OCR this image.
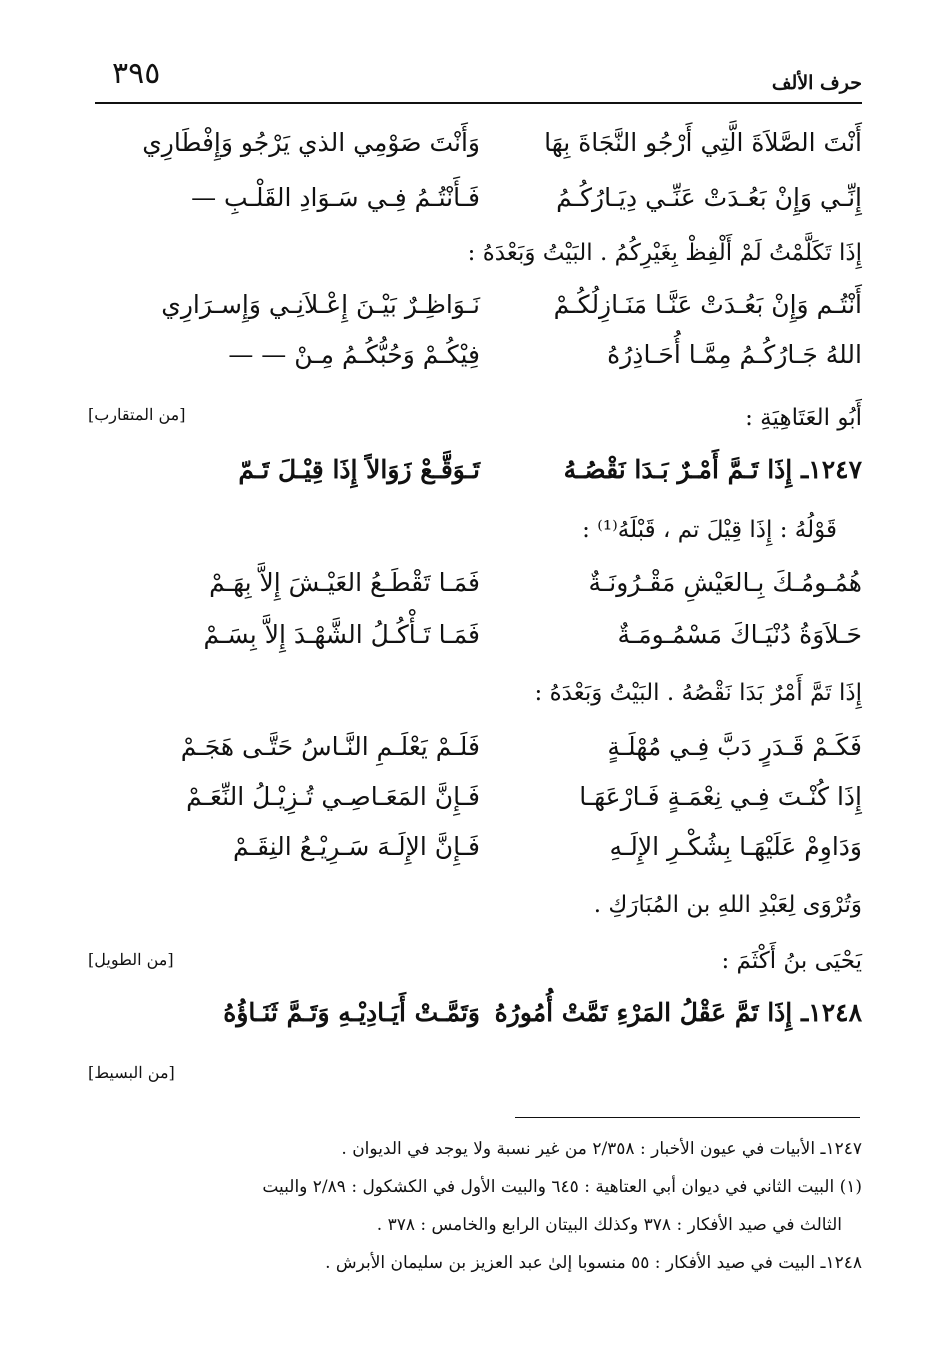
حرف الألف
٣٩٥
أَنْتَ الصَّلاَةَ الَّتِي أَرْجُو النَّجَاةَ بِهَا
وَأَنْتَ صَوْمِي الذي يَرْجُو وَإِفْطَارِي
إِنِّـي وَإِنْ بَعُـدَتْ عَنِّـي دِيَـارُكُـمُ
فَـأَنْتُـمُ فِـي سَـوَادِ القَلْـبِ —
إِذَا تَكَلَّمْتُ لَمْ أَلْفِظْ بِغَيْرِكُمُ . البَيْتُ وَبَعْدَهُ :
أَنْتُـم وَإِنْ بَعُـدَتْ عَنَّـا مَنَـازِلُكُـمْ
نَـوَاظِـرٌ بَيْـنَ إِعْـلاَنِـي وَإِسـرَارِي
اللهُ جَـارُكُـمُ مِمَّـا أُحَـاذِرُهُ
فِيْكُـمْ وَحُبُّكُـمُ مِـنْ — —
أَبُو العَتَاهِيَةِ :
[من المتقارب]
١٢٤٧ـ إِذَا تَـمَّ أَمْـرٌ بَـدَا نَقْصُـهُ
تَـوَقَّـعْ زَوَالاً إِذَا قِيْـلَ تَـمّ
قَوْلُهُ : إِذَا قِيْلَ تم ، قَبْلَهُ⁽¹⁾ :
هُمُـومُـكَ بِـالعَيْشِ مَقْـرُونَـةٌ
فَمَـا تَقْطَـعُ العَيْـشَ إِلاَّ بِهَـمْ
حَـلاَوَةُ دُنْيَـاكَ مَسْمُـومَـةٌ
فَمَـا تَـأْكُـلُ الشَّهْـدَ إِلاَّ بِسَـمْ
إِذَا تَمَّ أَمْرٌ بَدَا نَقْصُهُ . البَيْتُ وَبَعْدَهُ :
فَكَـمْ قَـدَرٍ دَبَّ فِـي مُهْلَـةٍ
فَلَـمْ يَعْلَـمِ النَّـاسُ حَتَّـى هَجَـمْ
إِذَا كُنْـتَ فِـي نِعْمَـةٍ فَـارْعَهَـا
فَـإِنَّ المَعَـاصِـي تُـزِيْـلُ النِّعَـمْ
وَدَاوِمْ عَلَيْهَـا بِشُكْـرِ الإِلَـهِ
فَـإِنَّ الإِلَـهَ سَـرِيْـعُ النِقَـمْ
وَتُرْوَى لِعَبْدِ اللهِ بن المُبَارَكِ .
يَحْيَى بنُ أَكْثَمَ :
[من الطويل]
١٢٤٨ـ إِذَا تَمَّ عَقْلُ المَرْءِ تَمَّتْ أُمُورُهُ
وَتَمَّـتْ أَيَـادِيْـهِ وَتَـمَّ ثَنَـاؤُهُ
[من البسيط]
١٢٤٧ـ الأبيات في عيون الأخبار : ٢/٣٥٨ من غير نسبة ولا يوجد في الديوان .
(١) البيت الثاني في ديوان أبي العتاهية : ٦٤٥ والبيت الأول في الكشكول : ٢/٨٩ والبيت
الثالث في صيد الأفكار : ٣٧٨ وكذلك البيتان الرابع والخامس : ٣٧٨ .
١٢٤٨ـ البيت في صيد الأفكار : ٥٥ منسوبا إلىٰ عبد العزيز بن سليمان الأبرش .
